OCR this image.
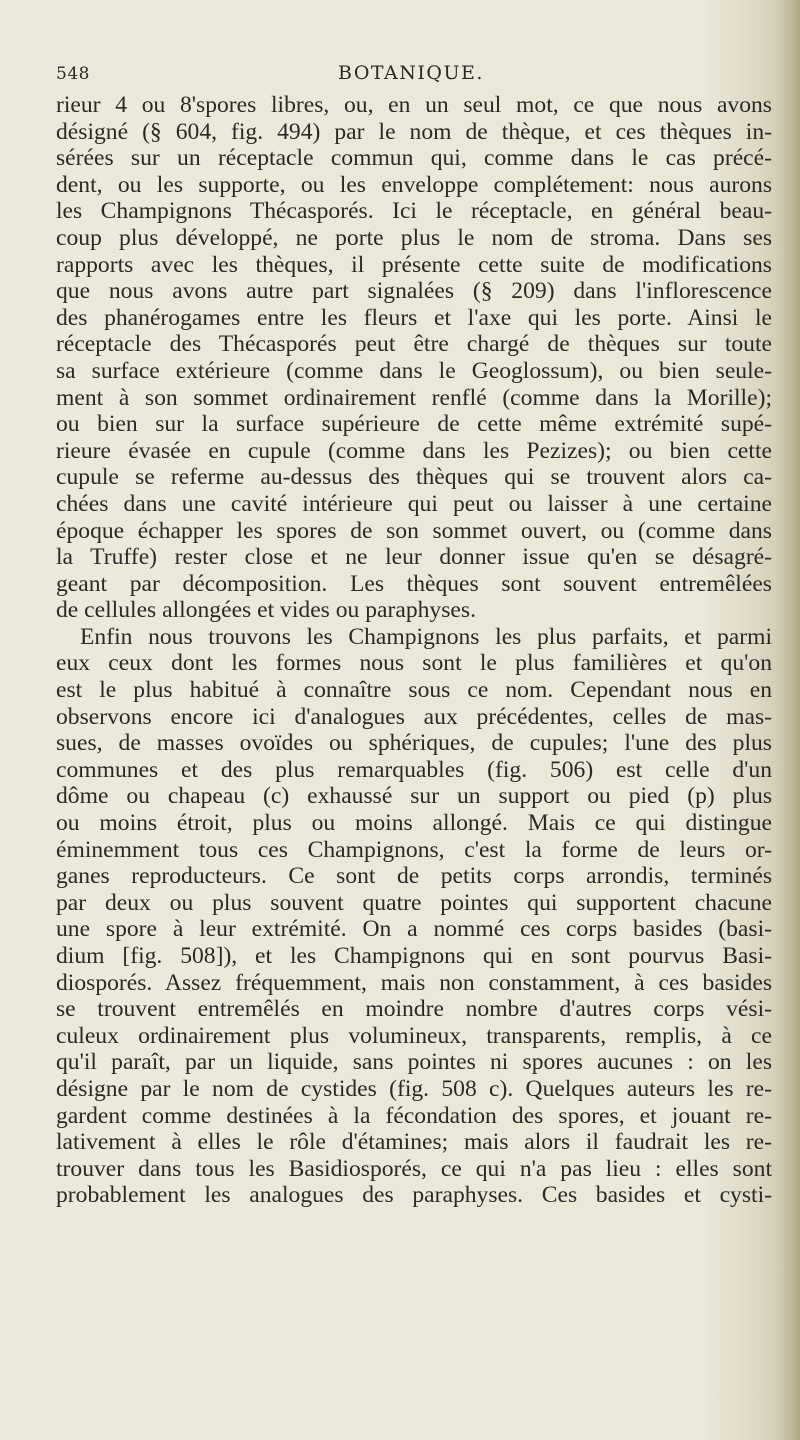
548	BOTANIQUE.
rieur 4 ou 8'spores libres, ou, en un seul mot, ce que nous avons
désigné (§ 604, fig. 494) par le nom de thèque, et ces thèques in-
sérées sur un réceptacle commun qui, comme dans le cas précé-
dent, ou les supporte, ou les enveloppe complétement: nous aurons
les Champignons Thécasporés. Ici le réceptacle, en général beau-
coup plus développé, ne porte plus le nom de stroma. Dans ses
rapports avec les thèques, il présente cette suite de modifications
que nous avons autre part signalées (§ 209) dans l'inflorescence
des phanérogames entre les fleurs et l'axe qui les porte. Ainsi le
réceptacle des Thécasporés peut être chargé de thèques sur toute
sa surface extérieure (comme dans le Geoglossum), ou bien seule-
ment à son sommet ordinairement renflé (comme dans la Morille);
ou bien sur la surface supérieure de cette même extrémité supé-
rieure évasée en cupule (comme dans les Pezizes); ou bien cette
cupule se referme au-dessus des thèques qui se trouvent alors ca-
chées dans une cavité intérieure qui peut ou laisser à une certaine
époque échapper les spores de son sommet ouvert, ou (comme dans
la Truffe) rester close et ne leur donner issue qu'en se désagré-
geant par décomposition. Les thèques sont souvent entremêlées
de cellules allongées et vides ou paraphyses.
Enfin nous trouvons les Champignons les plus parfaits, et parmi
eux ceux dont les formes nous sont le plus familières et qu'on
est le plus habitué à connaître sous ce nom. Cependant nous en
observons encore ici d'analogues aux précédentes, celles de mas-
sues, de masses ovoïdes ou sphériques, de cupules; l'une des plus
communes et des plus remarquables (fig. 506) est celle d'un
dôme ou chapeau (c) exhaussé sur un support ou pied (p) plus
ou moins étroit, plus ou moins allongé. Mais ce qui distingue
éminemment tous ces Champignons, c'est la forme de leurs or-
ganes reproducteurs. Ce sont de petits corps arrondis, terminés
par deux ou plus souvent quatre pointes qui supportent chacune
une spore à leur extrémité. On a nommé ces corps basides (basi-
dium [fig. 508]), et les Champignons qui en sont pourvus Basi-
diosporés. Assez fréquemment, mais non constamment, à ces basides
se trouvent entremêlés en moindre nombre d'autres corps vési-
culeux ordinairement plus volumineux, transparents, remplis, à ce
qu'il paraît, par un liquide, sans pointes ni spores aucunes : on les
désigne par le nom de cystides (fig. 508 c). Quelques auteurs les re-
gardent comme destinées à la fécondation des spores, et jouant re-
lativement à elles le rôle d'étamines; mais alors il faudrait les re-
trouver dans tous les Basidiosporés, ce qui n'a pas lieu : elles sont
probablement les analogues des paraphyses. Ces basides et cysti-
